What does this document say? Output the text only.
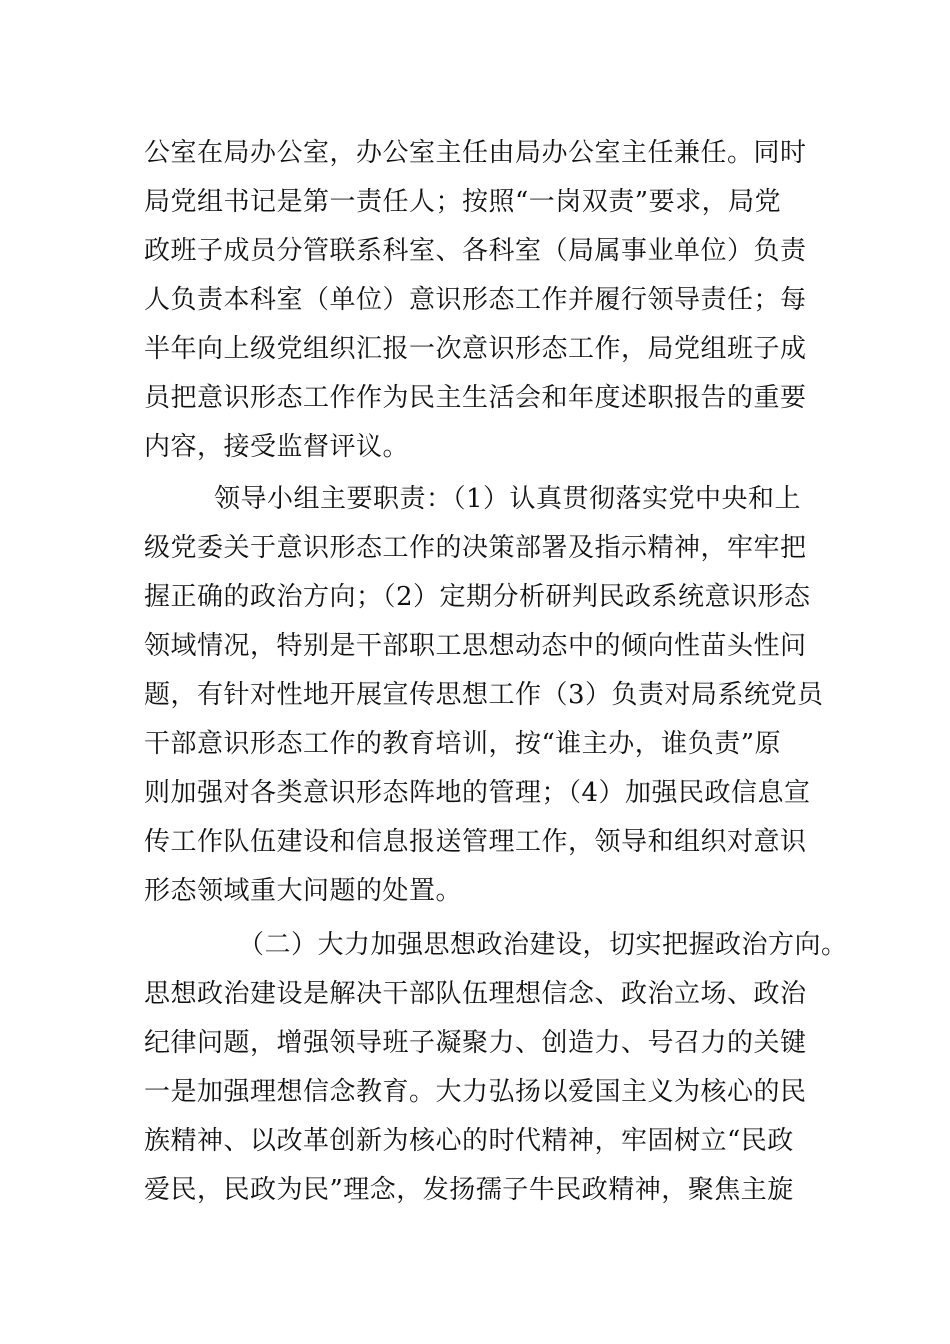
公室在局办公室，办公室主任由局办公室主任兼任。同时
局党组书记是第一责任人；按照“一岗双责”要求，局党
政班子成员分管联系科室、各科室（局属事业单位）负责
人负责本科室（单位）意识形态工作并履行领导责任；每
半年向上级党组织汇报一次意识形态工作，局党组班子成
员把意识形态工作作为民主生活会和年度述职报告的重要
内容，接受监督评议。
领导小组主要职责：（1）认真贯彻落实党中央和上
级党委关于意识形态工作的决策部署及指示精神，牢牢把
握正确的政治方向；（2）定期分析研判民政系统意识形态
领域情况，特别是干部职工思想动态中的倾向性苗头性问
题，有针对性地开展宣传思想工作（3）负责对局系统党员
干部意识形态工作的教育培训，按“谁主办，谁负责”原
则加强对各类意识形态阵地的管理；（4）加强民政信息宣
传工作队伍建设和信息报送管理工作，领导和组织对意识
形态领域重大问题的处置。
（二）大力加强思想政治建设，切实把握政治方向。
思想政治建设是解决干部队伍理想信念、政治立场、政治
纪律问题，增强领导班子凝聚力、创造力、号召力的关键
一是加强理想信念教育。大力弘扬以爱国主义为核心的民
族精神、以改革创新为核心的时代精神，牢固树立“民政
爱民，民政为民”理念，发扬孺子牛民政精神，聚焦主旋
